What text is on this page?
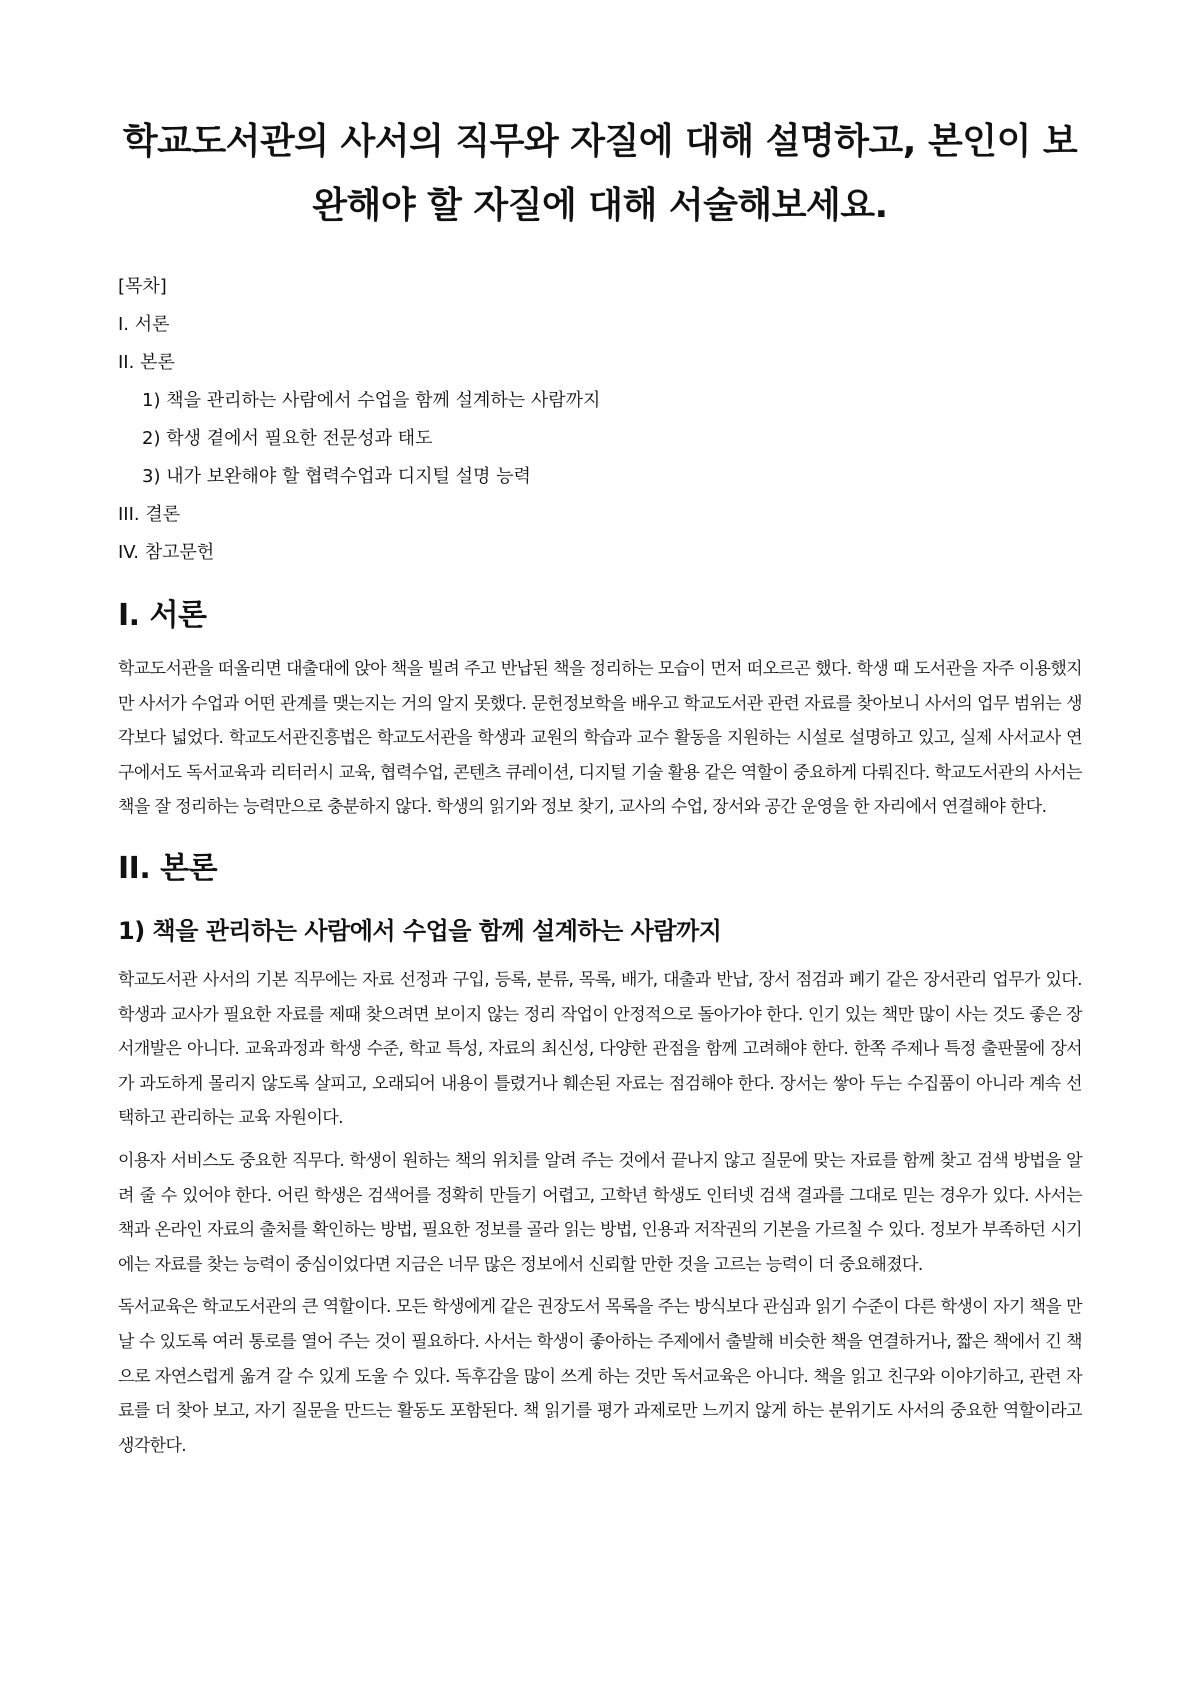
학교도서관의 사서의 직무와 자질에 대해 설명하고, 본인이 보완해야 할 자질에 대해 서술해보세요.
[목차]
I. 서론
II. 본론
1) 책을 관리하는 사람에서 수업을 함께 설계하는 사람까지
2) 학생 곁에서 필요한 전문성과 태도
3) 내가 보완해야 할 협력수업과 디지털 설명 능력
III. 결론
IV. 참고문헌
I. 서론

학교도서관을 떠올리면 대출대에 앉아 책을 빌려 주고 반납된 책을 정리하는 모습이 먼저 떠오르곤 했다. 학생 때 도서관을 자주 이용했지만 사서가 수업과 어떤 관계를 맺는지는 거의 알지 못했다. 문헌정보학을 배우고 학교도서관 관련 자료를 찾아보니 사서의 업무 범위는 생각보다 넓었다. 학교도서관진흥법은 학교도서관을 학생과 교원의 학습과 교수 활동을 지원하는 시설로 설명하고 있고, 실제 사서교사 연구에서도 독서교육과 리터러시 교육, 협력수업, 콘텐츠 큐레이션, 디지털 기술 활용 같은 역할이 중요하게 다뤄진다. 학교도서관의 사서는 책을 잘 정리하는 능력만으로 충분하지 않다. 학생의 읽기와 정보 찾기, 교사의 수업, 장서와 공간 운영을 한 자리에서 연결해야 한다.

II. 본론
1) 책을 관리하는 사람에서 수업을 함께 설계하는 사람까지

학교도서관 사서의 기본 직무에는 자료 선정과 구입, 등록, 분류, 목록, 배가, 대출과 반납, 장서 점검과 폐기 같은 장서관리 업무가 있다. 학생과 교사가 필요한 자료를 제때 찾으려면 보이지 않는 정리 작업이 안정적으로 돌아가야 한다. 인기 있는 책만 많이 사는 것도 좋은 장서개발은 아니다. 교육과정과 학생 수준, 학교 특성, 자료의 최신성, 다양한 관점을 함께 고려해야 한다. 한쪽 주제나 특정 출판물에 장서가 과도하게 몰리지 않도록 살피고, 오래되어 내용이 틀렸거나 훼손된 자료는 점검해야 한다. 장서는 쌓아 두는 수집품이 아니라 계속 선택하고 관리하는 교육 자원이다.

이용자 서비스도 중요한 직무다. 학생이 원하는 책의 위치를 알려 주는 것에서 끝나지 않고 질문에 맞는 자료를 함께 찾고 검색 방법을 알려 줄 수 있어야 한다. 어린 학생은 검색어를 정확히 만들기 어렵고, 고학년 학생도 인터넷 검색 결과를 그대로 믿는 경우가 있다. 사서는 책과 온라인 자료의 출처를 확인하는 방법, 필요한 정보를 골라 읽는 방법, 인용과 저작권의 기본을 가르칠 수 있다. 정보가 부족하던 시기에는 자료를 찾는 능력이 중심이었다면 지금은 너무 많은 정보에서 신뢰할 만한 것을 고르는 능력이 더 중요해졌다.

독서교육은 학교도서관의 큰 역할이다. 모든 학생에게 같은 권장도서 목록을 주는 방식보다 관심과 읽기 수준이 다른 학생이 자기 책을 만날 수 있도록 여러 통로를 열어 주는 것이 필요하다. 사서는 학생이 좋아하는 주제에서 출발해 비슷한 책을 연결하거나, 짧은 책에서 긴 책으로 자연스럽게 옮겨 갈 수 있게 도울 수 있다. 독후감을 많이 쓰게 하는 것만 독서교육은 아니다. 책을 읽고 친구와 이야기하고, 관련 자료를 더 찾아 보고, 자기 질문을 만드는 활동도 포함된다. 책 읽기를 평가 과제로만 느끼지 않게 하는 분위기도 사서의 중요한 역할이라고 생각한다.
